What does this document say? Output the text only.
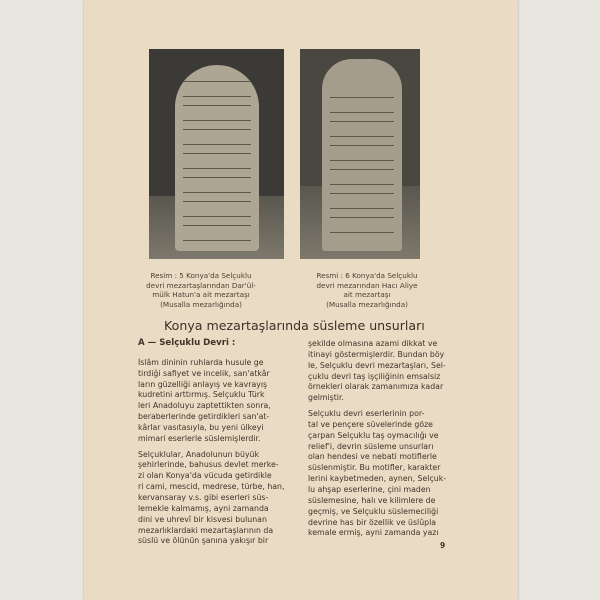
Resim : 5 Konya'da Selçuklu
devri mezartaşlarından Dar'ül-
mülk Hatun'a ait mezartaşı
(Musalla mezarlığında)
Resmi : 6 Konya'da Selçuklu
devri mezarından Hacı Aliye
ait mezartaşı
(Musalla mezarlığında)
Konya mezartaşlarında süsleme unsurları
A — Selçuklu Devri :

İslâm dininin ruhlarda husule ge
tirdiği safiyet ve incelik, san'atkâr
ların güzelliği anlayış ve kavrayış
kudretini arttırmış. Selçuklu Türk
leri Anadoluyu zaptettikten sonra,
beraberlerinde getirdikleri san'at-
kârlar vasıtasıyla, bu yeni ülkeyi
mimari eserlerle süslemişlerdir.

Selçuklular, Anadolunun büyük
şehirlerinde, bahusus devlet merke-
zi olan Konya'da vücuda getirdikle
ri cami, mescid, medrese, türbe, han,
kervansaray v.s. gibi eserleri süs-
lemekle kalmamış, ayni zamanda
dini ve uhrevî bir kisvesi bulunan
mezarlıklardaki mezartaşlarının da
süslü ve ölünün şanına yakışır bir

şekilde olmasına azami dikkat ve
itinayi göstermişlerdir. Bundan böy
le, Selçuklu devri mezartaşları, Sel-
çuklu devri taş işçiliğinin emsalsiz
örnekleri olarak zamanımıza kadar
gelmiştir.

Selçuklu devri eserlerinin por-
tal ve pençere süvelerinde göze
çarpan Selçuklu taş oymacılığı ve
relief'i, devrin süsleme unsurları
olan hendesi ve nebati motiflerle
süslenmiştir. Bu motifler, karakter
lerini kaybetmeden, aynen, Selçuk-
lu ahşap eserlerine, çini maden
süslemesine, halı ve kilimlere de
geçmiş, ve Selçuklu süslemeciliği
devrine has bir özellik ve üslûpla
kemale ermiş, ayni zamanda yazı

9
